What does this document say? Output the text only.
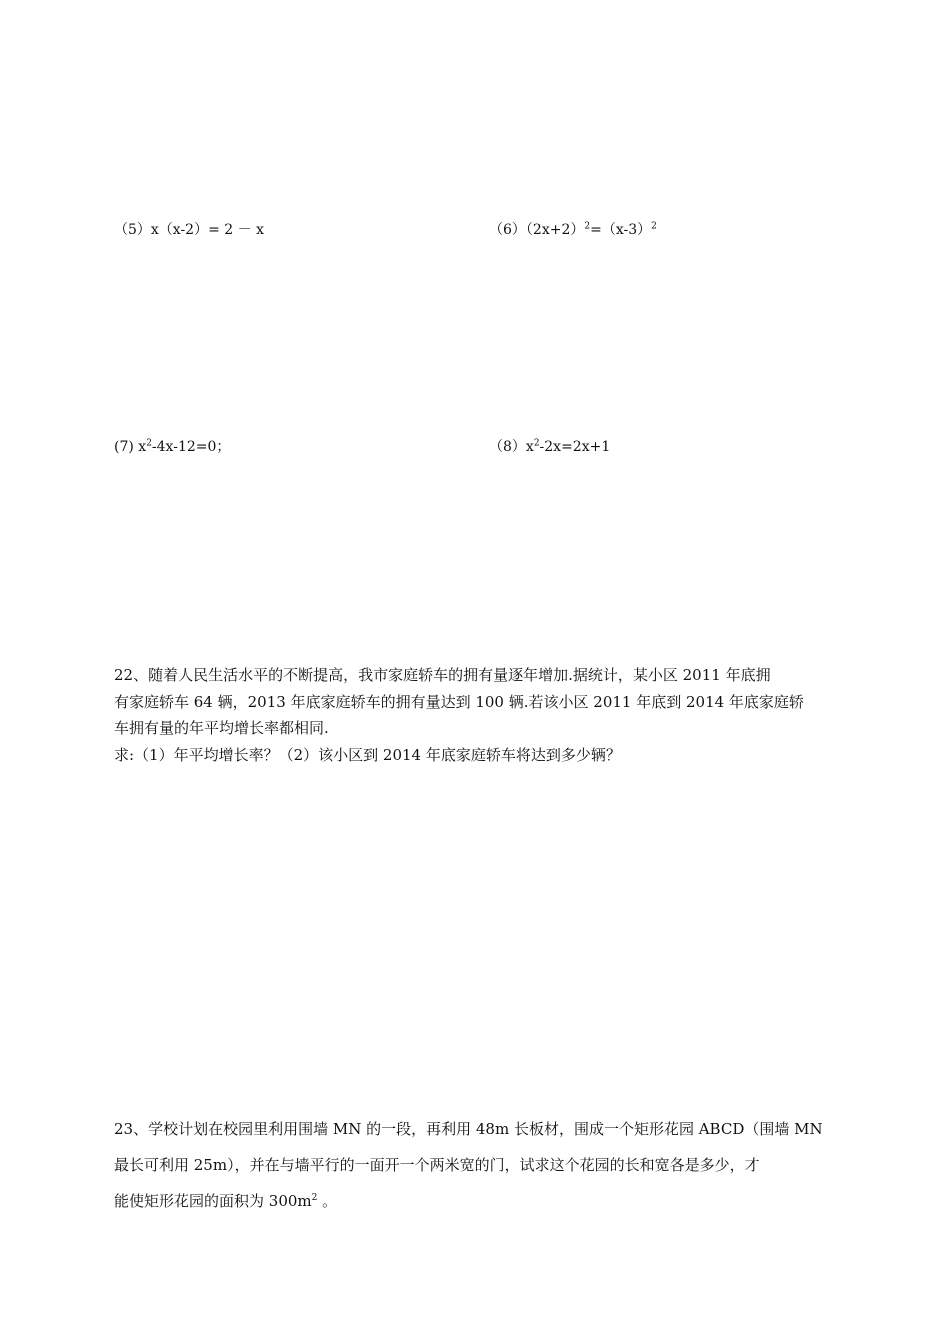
（5）x（x-2）= 2 － x	$(6)(2x+2)^2=(x-3)^2$
(7) $x^2-4x-12=0$；	$(8)x^2-2x=2x+1$
22、随着人民生活水平的不断提高，我市家庭轿车的拥有量逐年增加.据统计，某小区 2011 年底拥
有家庭轿车 64 辆，2013 年底家庭轿车的拥有量达到 100 辆.若该小区 2011 年底到 2014 年底家庭轿
车拥有量的年平均增长率都相同.
求:（1）年平均增长率？（2）该小区到 2014 年底家庭轿车将达到多少辆？
23、学校计划在校园里利用围墙 MN 的一段，再利用 48m 长板材，围成一个矩形花园 ABCD（围墙 MN
最长可利用 25m），并在与墙平行的一面开一个两米宽的门，试求这个花园的长和宽各是多少，才
能使矩形花园的面积为 $300m^2$ 。
